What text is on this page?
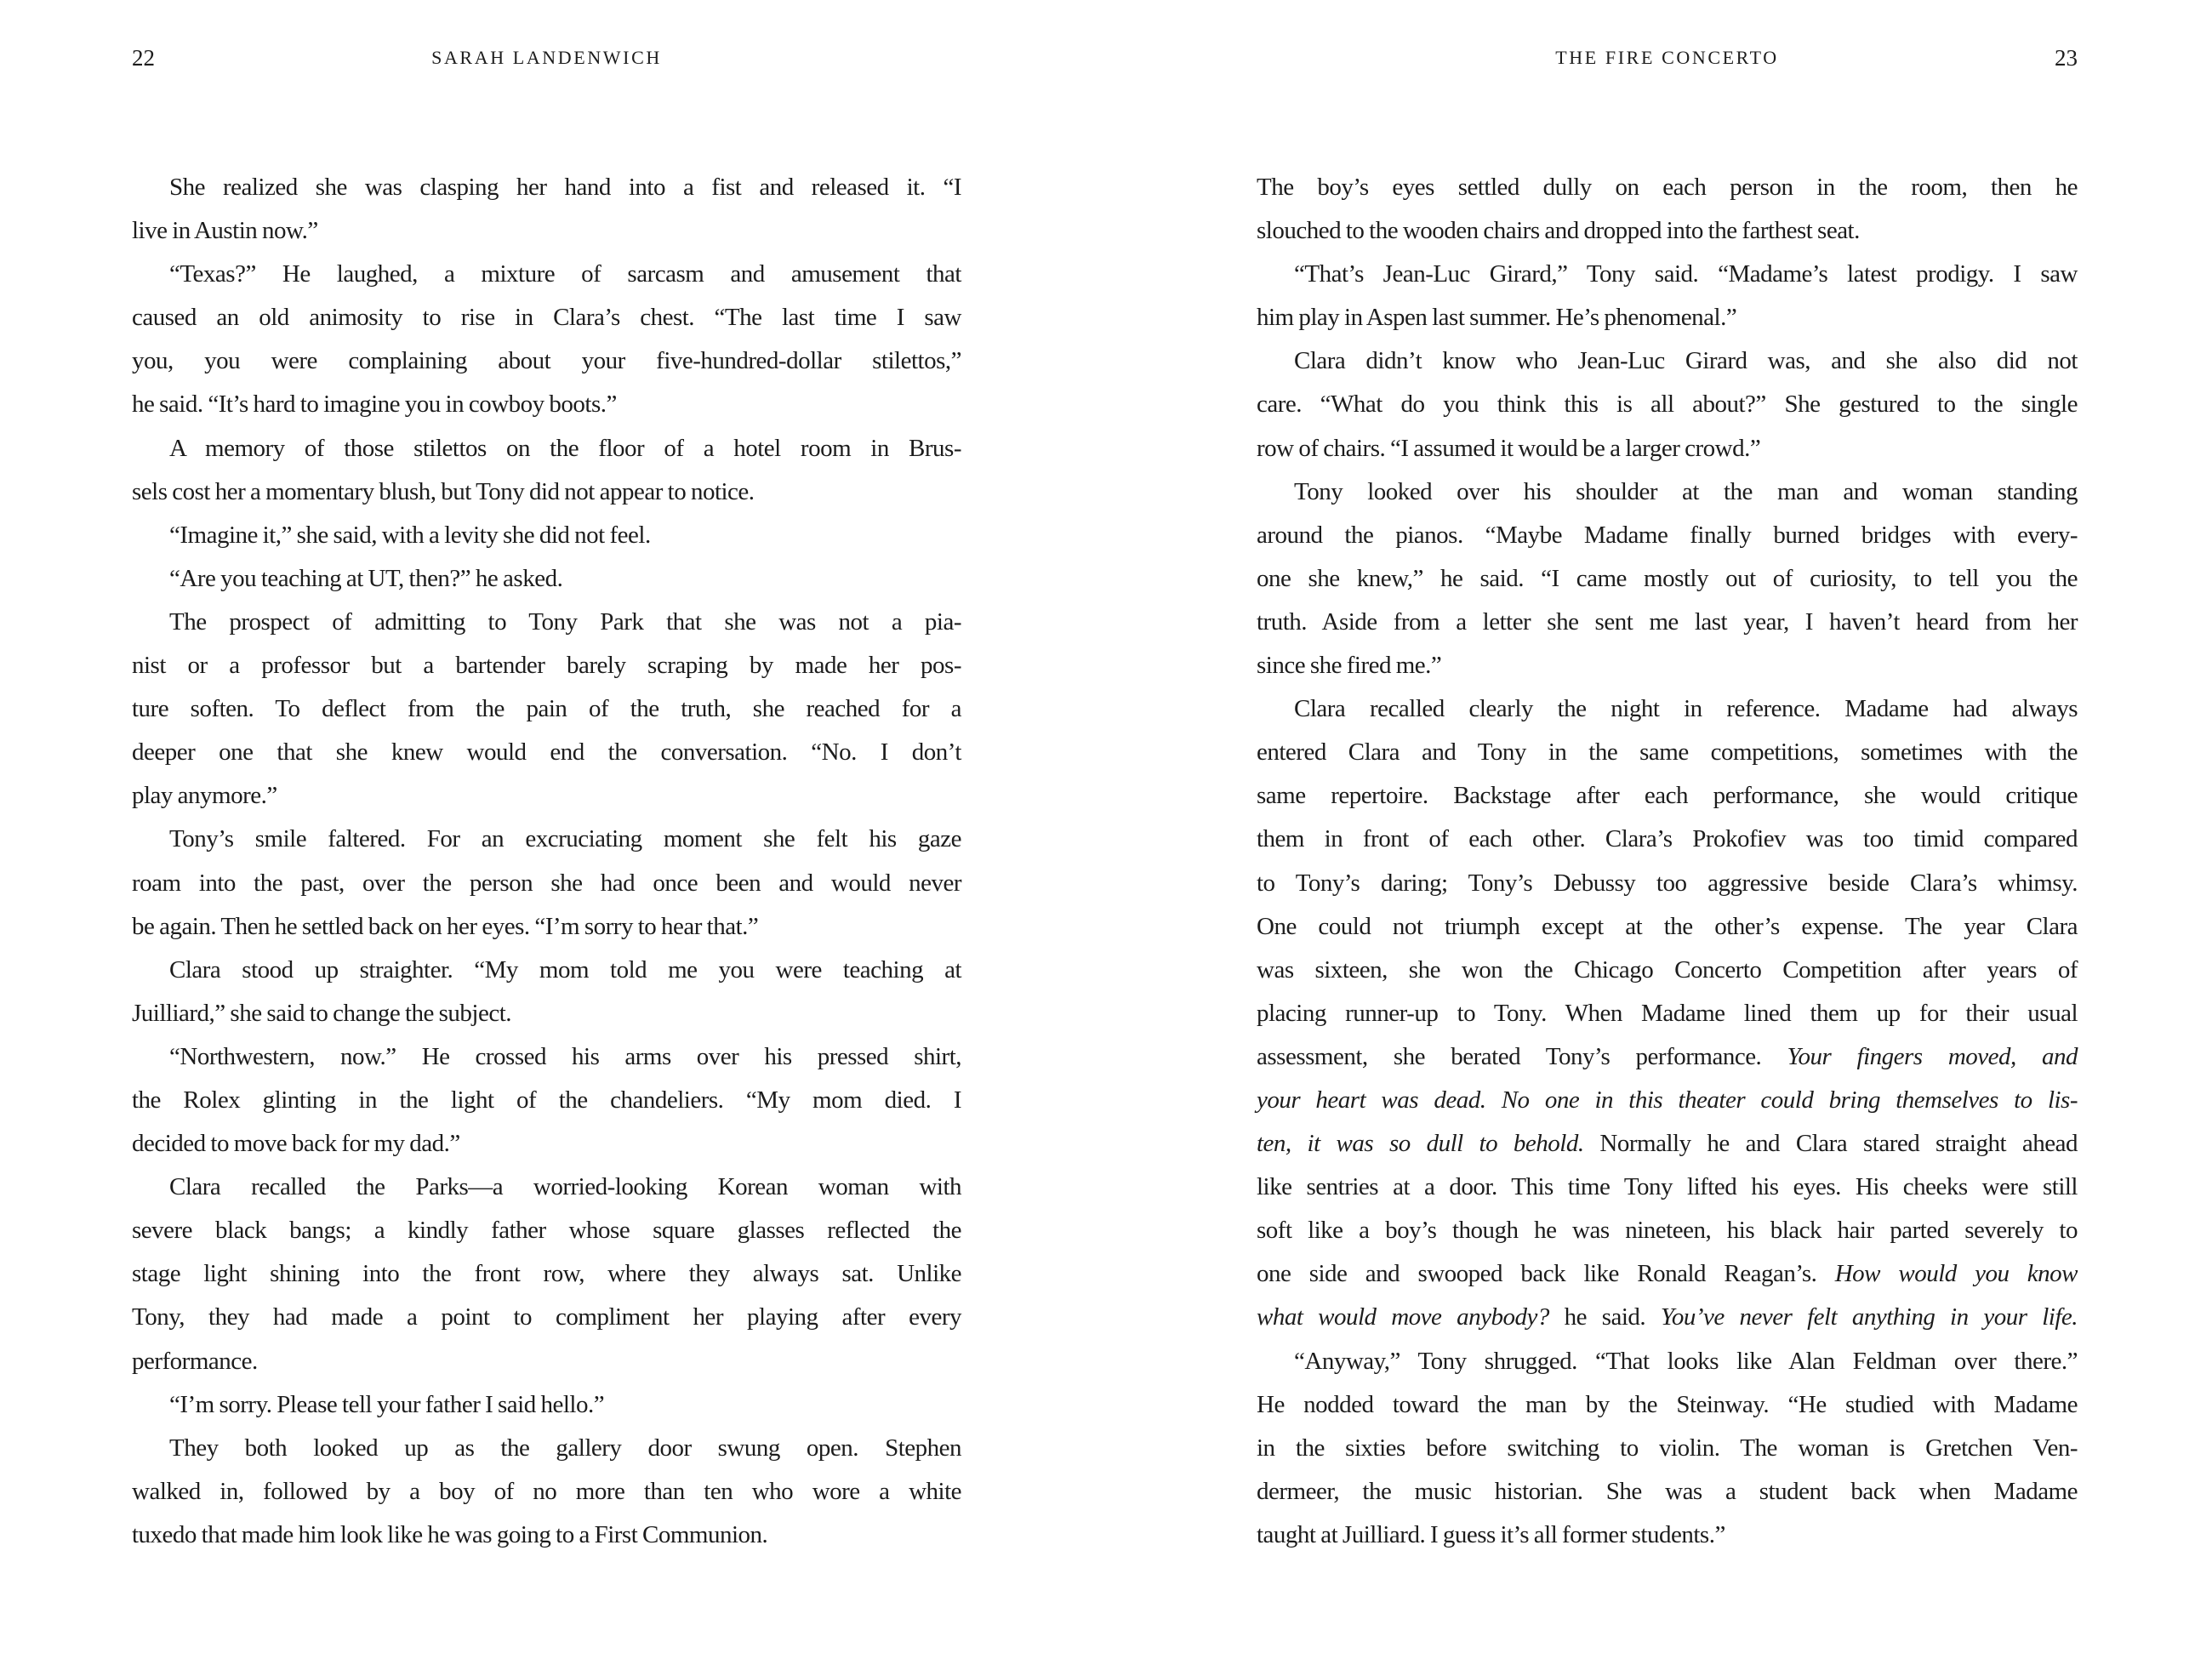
22	SARAH LANDENWICH
She realized she was clasping her hand into a fist and released it. “I
live in Austin now.”
“Texas?” He laughed, a mixture of sarcasm and amusement that
caused an old animosity to rise in Clara’s chest. “The last time I saw
you, you were complaining about your five-hundred-dollar stilettos,”
he said. “It’s hard to imagine you in cowboy boots.”
A memory of those stilettos on the floor of a hotel room in Brus-
sels cost her a momentary blush, but Tony did not appear to notice.
“Imagine it,” she said, with a levity she did not feel.
“Are you teaching at UT, then?” he asked.
The prospect of admitting to Tony Park that she was not a pia-
nist or a professor but a bartender barely scraping by made her pos-
ture soften. To deflect from the pain of the truth, she reached for a
deeper one that she knew would end the conversation. “No. I don’t
play anymore.”
Tony’s smile faltered. For an excruciating moment she felt his gaze
roam into the past, over the person she had once been and would never
be again. Then he settled back on her eyes. “I’m sorry to hear that.”
Clara stood up straighter. “My mom told me you were teaching at
Juilliard,” she said to change the subject.
“Northwestern, now.” He crossed his arms over his pressed shirt,
the Rolex glinting in the light of the chandeliers. “My mom died. I
decided to move back for my dad.”
Clara recalled the Parks—a worried-looking Korean woman with
severe black bangs; a kindly father whose square glasses reflected the
stage light shining into the front row, where they always sat. Unlike
Tony, they had made a point to compliment her playing after every
performance.
“I’m sorry. Please tell your father I said hello.”
They both looked up as the gallery door swung open. Stephen
walked in, followed by a boy of no more than ten who wore a white
tuxedo that made him look like he was going to a First Communion.
THE FIRE CONCERTO	23
The boy’s eyes settled dully on each person in the room, then he
slouched to the wooden chairs and dropped into the farthest seat.
“That’s Jean-Luc Girard,” Tony said. “Madame’s latest prodigy. I saw
him play in Aspen last summer. He’s phenomenal.”
Clara didn’t know who Jean-Luc Girard was, and she also did not
care. “What do you think this is all about?” She gestured to the single
row of chairs. “I assumed it would be a larger crowd.”
Tony looked over his shoulder at the man and woman standing
around the pianos. “Maybe Madame finally burned bridges with every-
one she knew,” he said. “I came mostly out of curiosity, to tell you the
truth. Aside from a letter she sent me last year, I haven’t heard from her
since she fired me.”
Clara recalled clearly the night in reference. Madame had always
entered Clara and Tony in the same competitions, sometimes with the
same repertoire. Backstage after each performance, she would critique
them in front of each other. Clara’s Prokofiev was too timid compared
to Tony’s daring; Tony’s Debussy too aggressive beside Clara’s whimsy.
One could not triumph except at the other’s expense. The year Clara
was sixteen, she won the Chicago Concerto Competition after years of
placing runner-up to Tony. When Madame lined them up for their usual
assessment, she berated Tony’s performance. Your fingers moved, and
your heart was dead. No one in this theater could bring themselves to lis-
ten, it was so dull to behold. Normally he and Clara stared straight ahead
like sentries at a door. This time Tony lifted his eyes. His cheeks were still
soft like a boy’s though he was nineteen, his black hair parted severely to
one side and swooped back like Ronald Reagan’s. How would you know
what would move anybody? he said. You’ve never felt anything in your life.
“Anyway,” Tony shrugged. “That looks like Alan Feldman over there.”
He nodded toward the man by the Steinway. “He studied with Madame
in the sixties before switching to violin. The woman is Gretchen Ven-
dermeer, the music historian. She was a student back when Madame
taught at Juilliard. I guess it’s all former students.”
